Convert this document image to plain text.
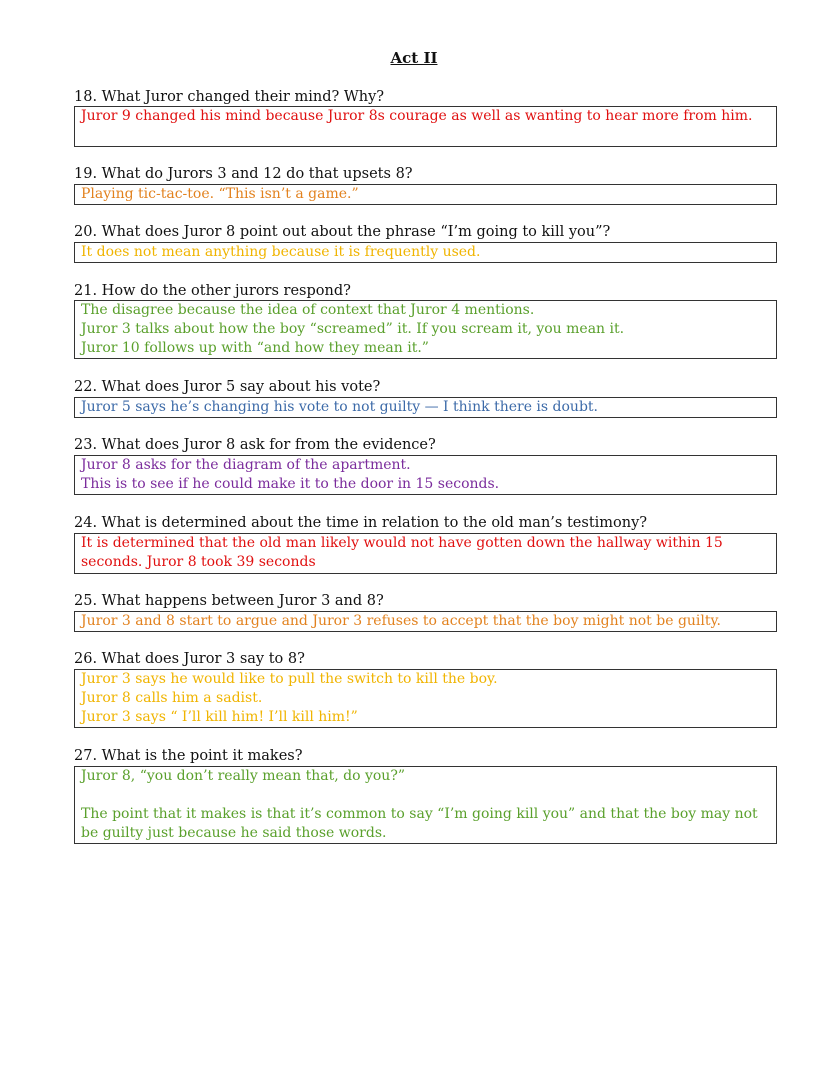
Act II
18. What Juror changed their mind? Why?
Juror 9 changed his mind because Juror 8s courage as well as wanting to hear more from him.
19. What do Jurors 3 and 12 do that upsets 8?
Playing tic-tac-toe. “This isn’t a game.”
20. What does Juror 8 point out about the phrase “I’m going to kill you”?
It does not mean anything because it is frequently used.
21. How do the other jurors respond?
The disagree because the idea of context that Juror 4 mentions.
Juror 3 talks about how the boy “screamed” it. If you scream it, you mean it.
Juror 10 follows up with “and how they mean it.”
22. What does Juror 5 say about his vote?
Juror 5 says he’s changing his vote to not guilty — I think there is doubt.
23. What does Juror 8 ask for from the evidence?
Juror 8 asks for the diagram of the apartment.
This is to see if he could make it to the door in 15 seconds.
24. What is determined about the time in relation to the old man’s testimony?
It is determined that the old man likely would not have gotten down the hallway within 15 seconds. Juror 8 took 39 seconds
25. What happens between Juror 3 and 8?
Juror 3 and 8 start to argue and Juror 3 refuses to accept that the boy might not be guilty.
26. What does Juror 3 say to 8?
Juror 3 says he would like to pull the switch to kill the boy.
Juror 8 calls him a sadist.
Juror 3 says “ I’ll kill him! I’ll kill him!”
27. What is the point it makes?
Juror 8, “you don’t really mean that, do you?”
The point that it makes is that it’s common to say “I’m going kill you” and that the boy may not be guilty just because he said those words.
